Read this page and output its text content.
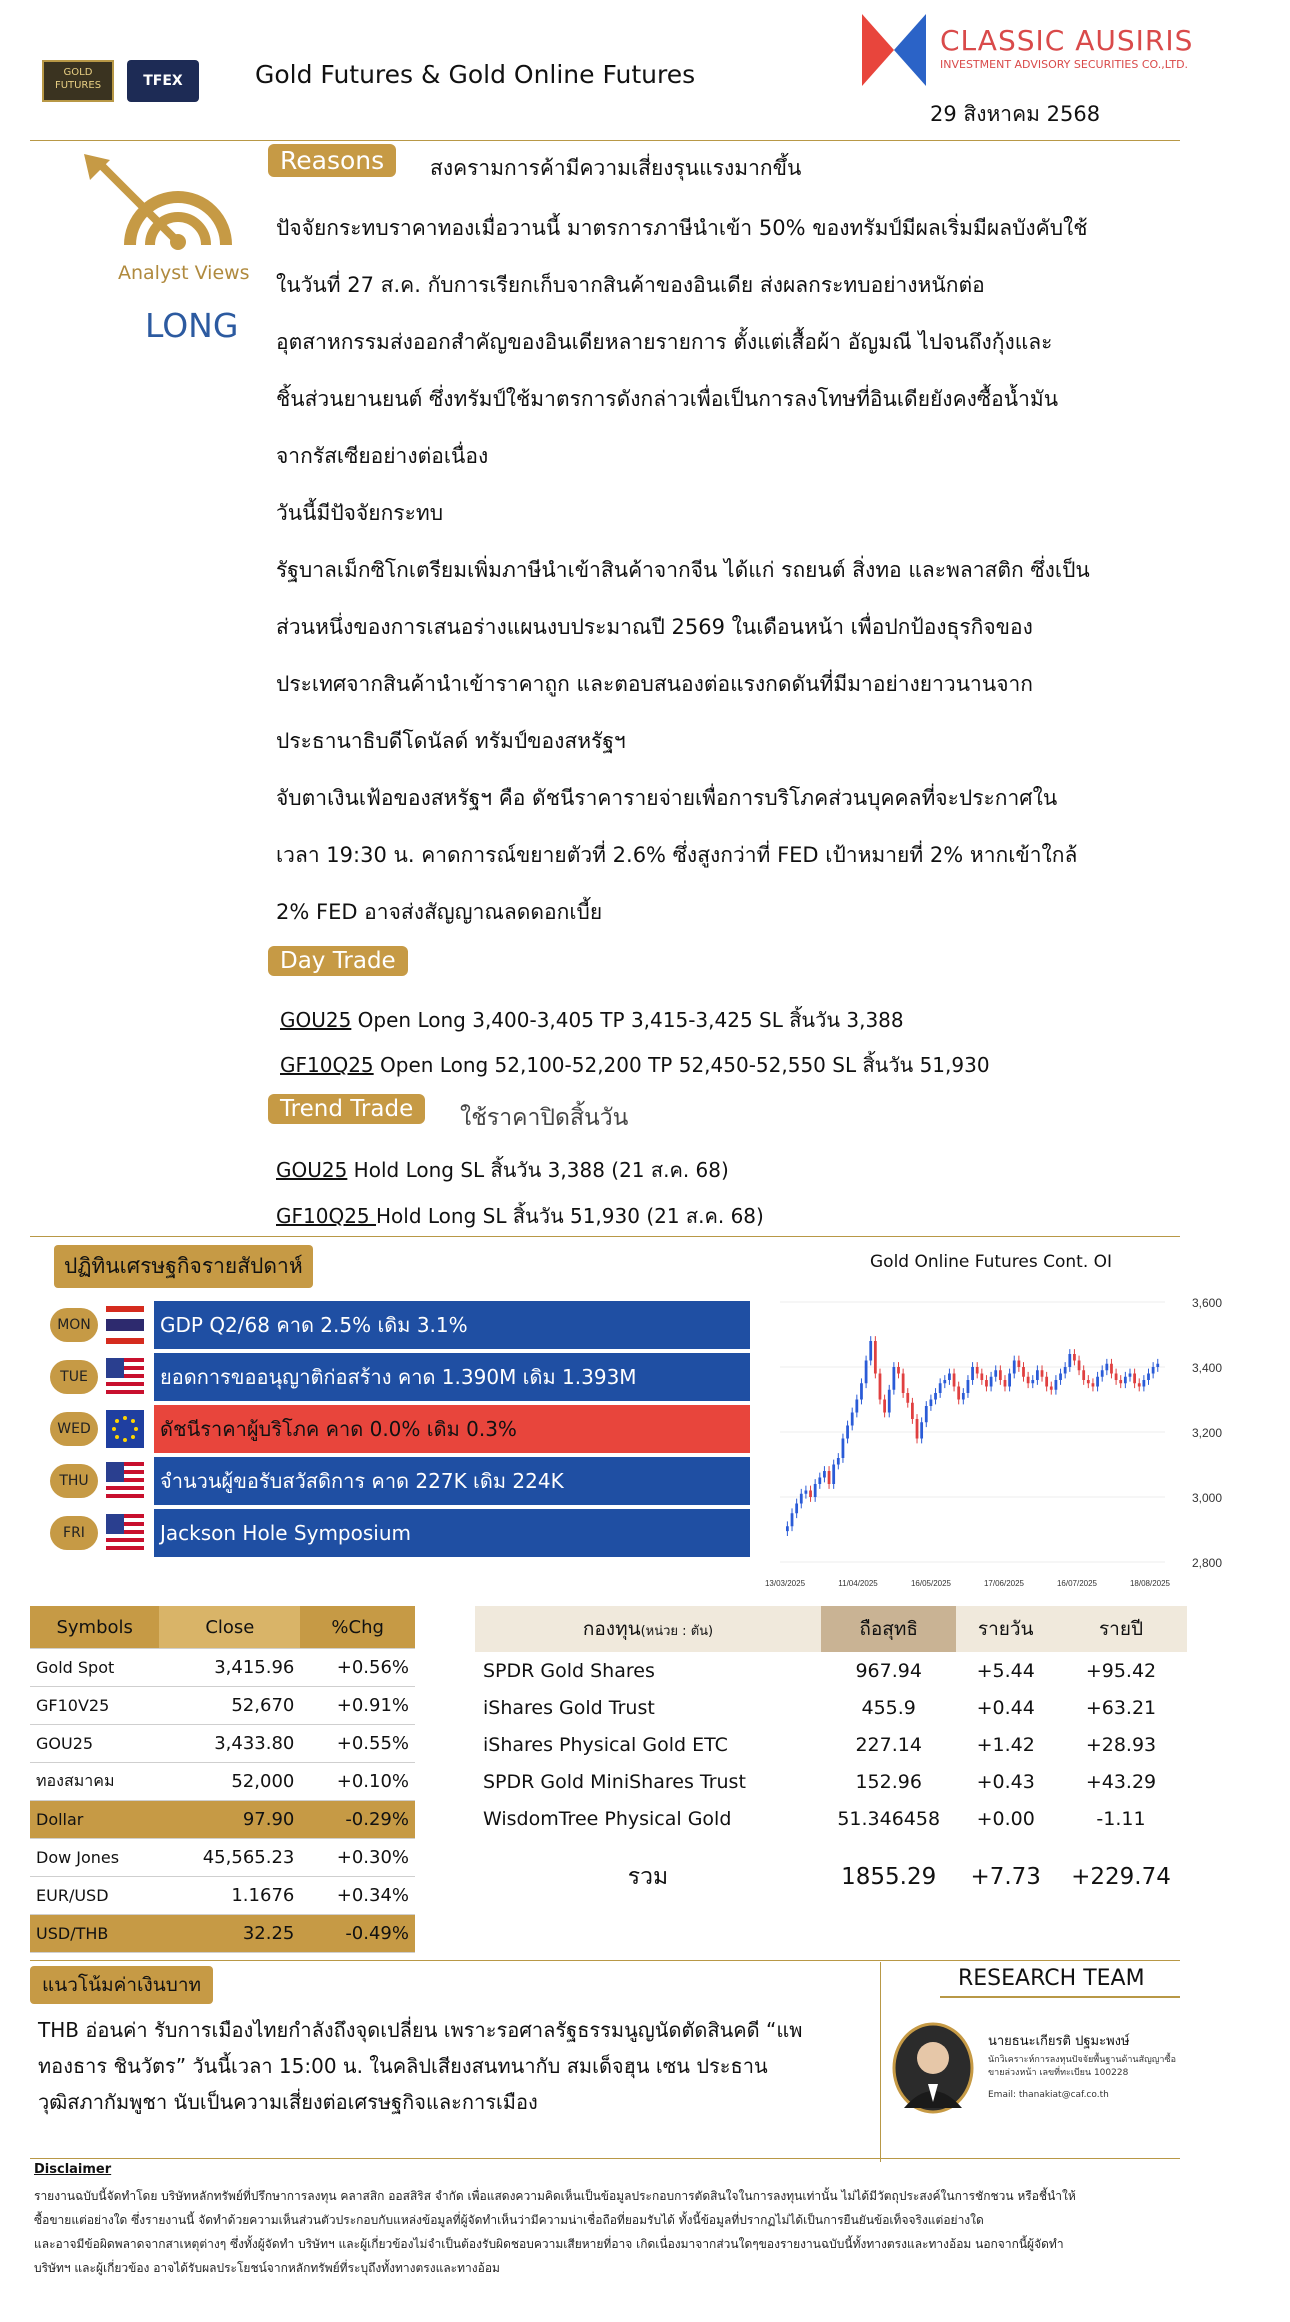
GOLD FUTURES	TFEX	Gold Futures & Gold Online Futures
CLASSIC AUSIRIS
INVESTMENT ADVISORY SECURITIES CO.,LTD.
29 สิงหาคม 2568
Analyst Views
LONG
Reasons	สงครามการค้ามีความเสี่ยงรุนแรงมากขึ้น
ปัจจัยกระทบราคาทองเมื่อวานนี้ มาตรการภาษีนำเข้า 50% ของทรัมป์มีผลเริ่มมีผลบังคับใช้
ในวันที่ 27 ส.ค. กับการเรียกเก็บจากสินค้าของอินเดีย ส่งผลกระทบอย่างหนักต่อ
อุตสาหกรรมส่งออกสำคัญของอินเดียหลายรายการ ตั้งแต่เสื้อผ้า อัญมณี ไปจนถึงกุ้งและ
ชิ้นส่วนยานยนต์ ซึ่งทรัมป์ใช้มาตรการดังกล่าวเพื่อเป็นการลงโทษที่อินเดียยังคงซื้อน้ำมัน
จากรัสเซียอย่างต่อเนื่อง
วันนี้มีปัจจัยกระทบ
รัฐบาลเม็กซิโกเตรียมเพิ่มภาษีนำเข้าสินค้าจากจีน ได้แก่ รถยนต์ สิ่งทอ และพลาสติก ซึ่งเป็น
ส่วนหนึ่งของการเสนอร่างแผนงบประมาณปี 2569 ในเดือนหน้า เพื่อปกป้องธุรกิจของ
ประเทศจากสินค้านำเข้าราคาถูก และตอบสนองต่อแรงกดดันที่มีมาอย่างยาวนานจาก
ประธานาธิบดีโดนัลด์ ทรัมป์ของสหรัฐฯ
จับตาเงินเฟ้อของสหรัฐฯ คือ ดัชนีราคารายจ่ายเพื่อการบริโภคส่วนบุคคลที่จะประกาศใน
เวลา 19:30 น. คาดการณ์ขยายตัวที่ 2.6% ซึ่งสูงกว่าที่ FED เป้าหมายที่ 2% หากเข้าใกล้
2% FED อาจส่งสัญญาณลดดอกเบี้ย
Day Trade
GOU25 Open Long 3,400-3,405 TP 3,415-3,425 SL สิ้นวัน 3,388
GF10Q25 Open Long 52,100-52,200 TP 52,450-52,550 SL สิ้นวัน 51,930
Trend Trade	ใช้ราคาปิดสิ้นวัน
GOU25 Hold Long SL สิ้นวัน 3,388 (21 ส.ค. 68)
GF10Q25 Hold Long SL สิ้นวัน 51,930 (21 ส.ค. 68)
ปฏิทินเศรษฐกิจรายสัปดาห์
MON	GDP Q2/68 คาด 2.5% เดิม 3.1%
TUE	ยอดการขออนุญาติก่อสร้าง คาด 1.390M เดิม 1.393M
WED	ดัชนีราคาผู้บริโภค คาด 0.0% เดิม 0.3%
THU	จำนวนผู้ขอรับสวัสดิการ คาด 227K เดิม 224K
FRI	Jackson Hole Symposium
Gold Online Futures Cont. OI
3,600
3,400
3,200
3,000
2,800
13/03/2025	11/04/2025	16/05/2025	17/06/2025	16/07/2025	18/08/2025
Symbols	Close	%Chg
Gold Spot	3,415.96	+0.56%
GF10V25	52,670	+0.91%
GOU25	3,433.80	+0.55%
ทองสมาคม	52,000	+0.10%
Dollar	97.90	-0.29%
Dow Jones	45,565.23	+0.30%
EUR/USD	1.1676	+0.34%
USD/THB	32.25	-0.49%
กองทุน(หน่วย : ตัน)	ถือสุทธิ	รายวัน	รายปี
SPDR Gold Shares	967.94	+5.44	+95.42
iShares Gold Trust	455.9	+0.44	+63.21
iShares Physical Gold ETC	227.14	+1.42	+28.93
SPDR Gold MiniShares Trust	152.96	+0.43	+43.29
WisdomTree Physical Gold	51.346458	+0.00	-1.11
รวม	1855.29	+7.73	+229.74
แนวโน้มค่าเงินบาท
THB อ่อนค่า รับการเมืองไทยกำลังถึงจุดเปลี่ยน เพราะรอศาลรัฐธรรมนูญนัดตัดสินคดี “แพ
ทองธาร ชินวัตร” วันนี้เวลา 15:00 น. ในคลิปเสียงสนทนากับ สมเด็จฮุน เซน ประธาน
วุฒิสภากัมพูชา นับเป็นความเสี่ยงต่อเศรษฐกิจและการเมือง
RESEARCH TEAM
นายธนะเกียรติ ปฐมะพงษ์
นักวิเคราะห์การลงทุนปัจจัยพื้นฐานด้านสัญญาซื้อขายล่วงหน้า เลขที่ทะเบียน 100228
Email: thanakiat@caf.co.th
Disclaimer
รายงานฉบับนี้จัดทำโดย บริษัทหลักทรัพย์ที่ปรึกษาการลงทุน คลาสสิก ออสสิริส จำกัด เพื่อแสดงความคิดเห็นเป็นข้อมูลประกอบการตัดสินใจในการลงทุนเท่านั้น ไม่ได้มีวัตถุประสงค์ในการชักชวน หรือชี้นำให้
ซื้อขายแต่อย่างใด ซึ่งรายงานนี้ จัดทำด้วยความเห็นส่วนตัวประกอบกับแหล่งข้อมูลที่ผู้จัดทำเห็นว่ามีความน่าเชื่อถือที่ยอมรับได้ ทั้งนี้ข้อมูลที่ปรากฏไม่ได้เป็นการยืนยันข้อเท็จจริงแต่อย่างใด
และอาจมีข้อผิดพลาดจากสาเหตุต่างๆ ซึ่งทั้งผู้จัดทำ บริษัทฯ และผู้เกี่ยวข้องไม่จำเป็นต้องรับผิดชอบความเสียหายที่อาจ เกิดเนื่องมาจากส่วนใดๆของรายงานฉบับนี้ทั้งทางตรงและทางอ้อม นอกจากนี้ผู้จัดทำ
บริษัทฯ และผู้เกี่ยวข้อง อาจได้รับผลประโยชน์จากหลักทรัพย์ที่ระบุถึงทั้งทางตรงและทางอ้อม
